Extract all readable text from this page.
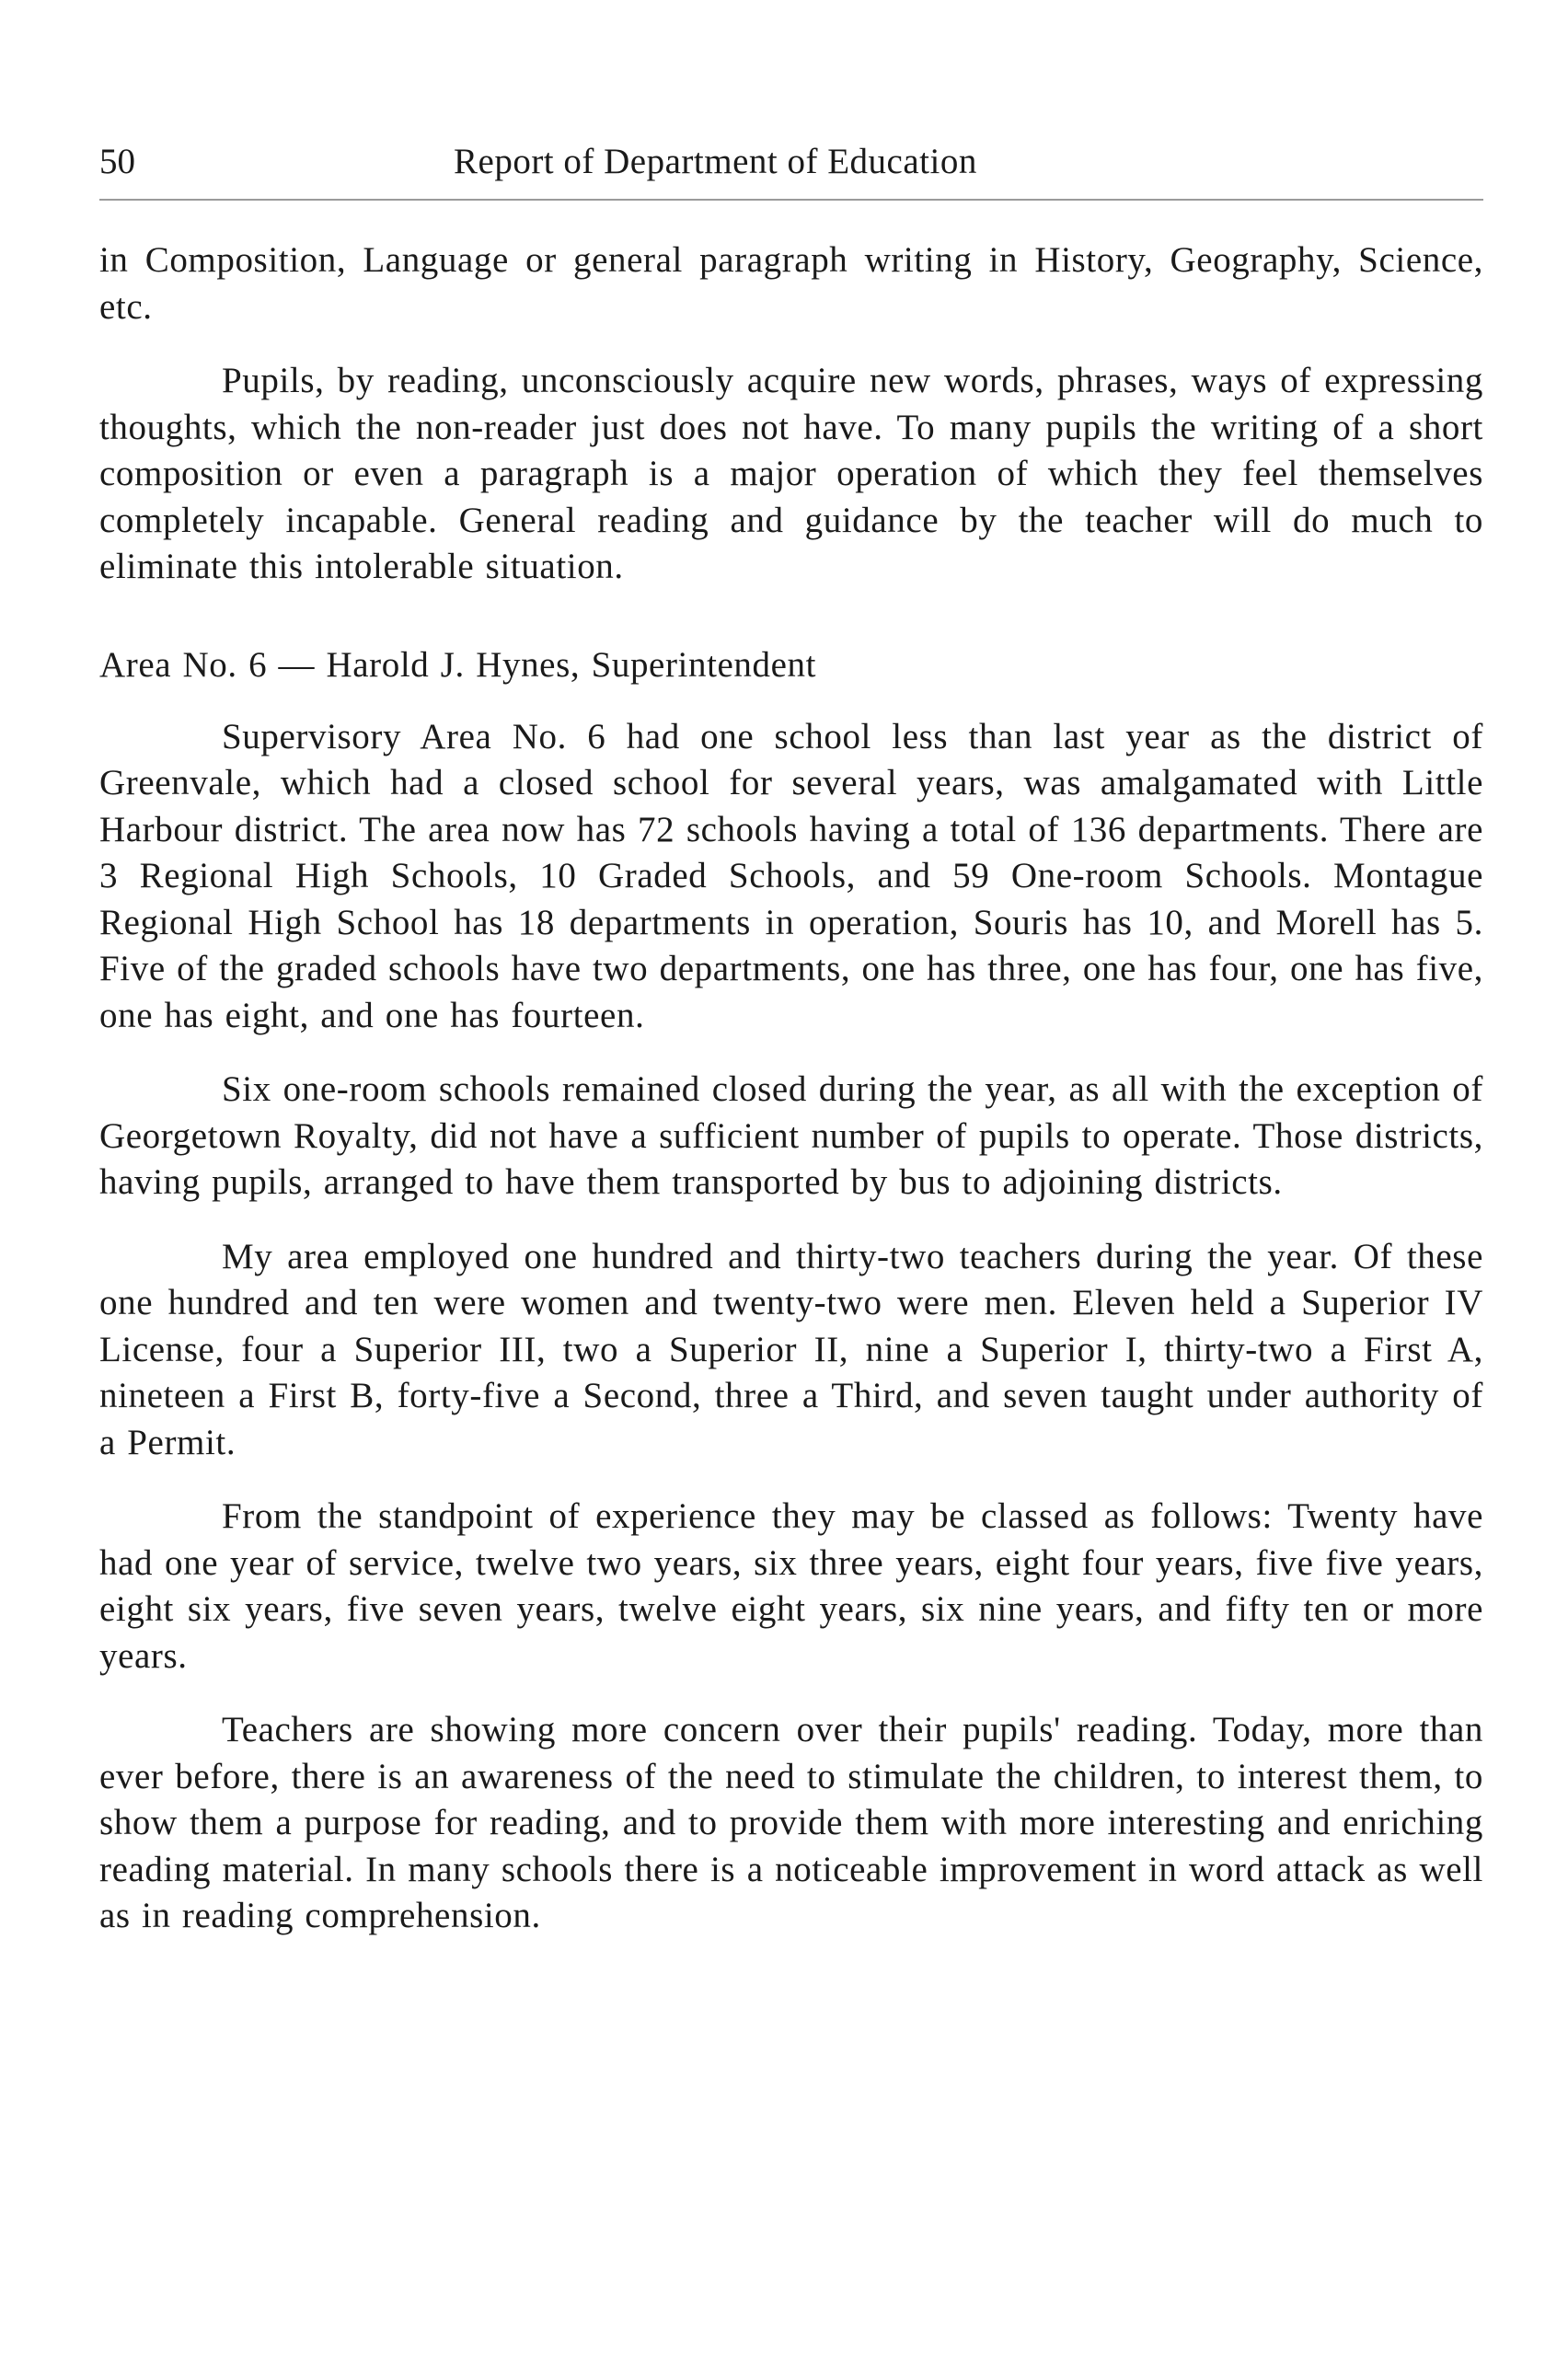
50	Report of Department of Education

in Composition, Language or general paragraph writing in History, Geography, Science, etc.

Pupils, by reading, unconsciously acquire new words, phrases, ways of expressing thoughts, which the non-reader just does not have. To many pupils the writing of a short composition or even a paragraph is a major operation of which they feel themselves completely incapable. General reading and guidance by the teacher will do much to eliminate this intolerable situation.

Area No. 6 — Harold J. Hynes, Superintendent

Supervisory Area No. 6 had one school less than last year as the district of Greenvale, which had a closed school for several years, was amalgamated with Little Harbour district. The area now has 72 schools having a total of 136 departments. There are 3 Regional High Schools, 10 Graded Schools, and 59 One-room Schools. Montague Regional High School has 18 departments in operation, Souris has 10, and Morell has 5. Five of the graded schools have two departments, one has three, one has four, one has five, one has eight, and one has fourteen.

Six one-room schools remained closed during the year, as all with the exception of Georgetown Royalty, did not have a sufficient number of pupils to operate. Those districts, having pupils, arranged to have them transported by bus to adjoining districts.

My area employed one hundred and thirty-two teachers during the year. Of these one hundred and ten were women and twenty-two were men. Eleven held a Superior IV License, four a Superior III, two a Superior II, nine a Superior I, thirty-two a First A, nineteen a First B, forty-five a Second, three a Third, and seven taught under authority of a Permit.

From the standpoint of experience they may be classed as follows: Twenty have had one year of service, twelve two years, six three years, eight four years, five five years, eight six years, five seven years, twelve eight years, six nine years, and fifty ten or more years.

Teachers are showing more concern over their pupils' reading. Today, more than ever before, there is an awareness of the need to stimulate the children, to interest them, to show them a purpose for reading, and to provide them with more interesting and enriching reading material. In many schools there is a noticeable improvement in word attack as well as in reading comprehension.
